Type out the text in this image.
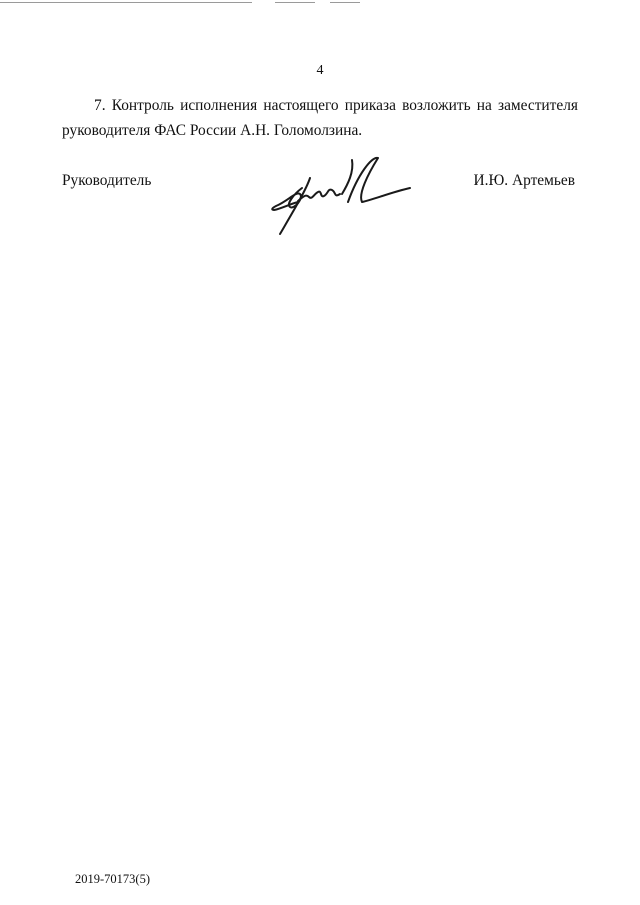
4

7. Контроль исполнения настоящего приказа возложить на заместителя руководителя ФАС России А.Н. Голомолзина.

Руководитель	И.Ю. Артемьев
2019-70173(5)
